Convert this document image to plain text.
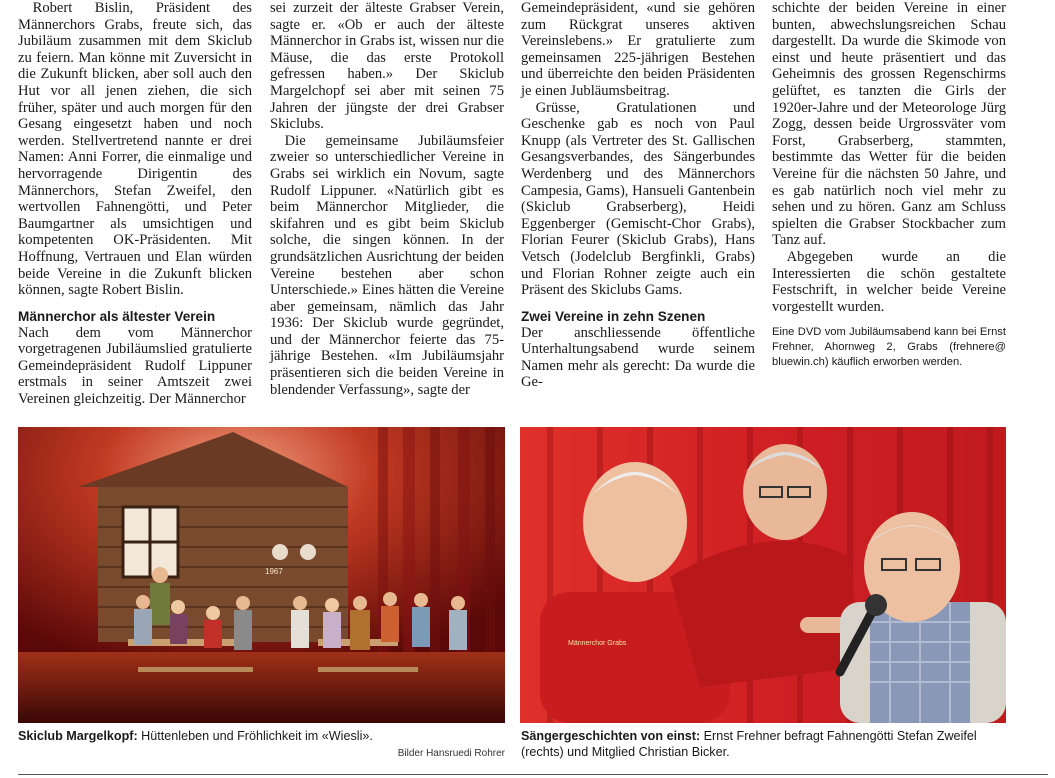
Robert Bislin, Präsident des Männerchors Grabs, freute sich, das Jubiläum zusammen mit dem Skiclub zu feiern. Man könne mit Zuversicht in die Zukunft blicken, aber soll auch den Hut vor all jenen ziehen, die sich früher, später und auch morgen für den Gesang eingesetzt haben und noch werden. Stellvertretend nannte er drei Namen: Anni Forrer, die einmalige und hervorragende Dirigentin des Männerchors, Stefan Zweifel, den wertvollen Fahnengötti, und Peter Baumgartner als umsichtigen und kompetenten OK-Präsidenten. Mit Hoffnung, Vertrauen und Elan würden beide Vereine in die Zukunft blicken können, sagte Robert Bislin.

Männerchor als ältester Verein

Nach dem vom Männerchor vorgetragenen Jubiläumslied gratulierte Gemeindepräsident Rudolf Lippuner erstmals in seiner Amtszeit zwei Vereinen gleichzeitig. Der Männerchor

sei zurzeit der älteste Grabser Verein, sagte er. «Ob er auch der älteste Männerchor in Grabs ist, wissen nur die Mäuse, die das erste Protokoll gefressen haben.» Der Skiclub Margelchopf sei aber mit seinen 75 Jahren der jüngste der drei Grabser Skiclubs.

Die gemeinsame Jubiläumsfeier zweier so unterschiedlicher Vereine in Grabs sei wirklich ein Novum, sagte Rudolf Lippuner. «Natürlich gibt es beim Männerchor Mitglieder, die skifahren und es gibt beim Skiclub solche, die singen können. In der grundsätzlichen Ausrichtung der beiden Vereine bestehen aber schon Unterschiede.» Eines hätten die Vereine aber gemeinsam, nämlich das Jahr 1936: Der Skiclub wurde gegründet, und der Männerchor feierte das 75-jährige Bestehen. «Im Jubiläumsjahr präsentieren sich die beiden Vereine in blendender Verfassung», sagte der

Gemeindepräsident, «und sie gehören zum Rückgrat unseres aktiven Vereinslebens.» Er gratulierte zum gemeinsamen 225-jährigen Bestehen und überreichte den beiden Präsidenten je einen Jubläumsbeitrag.

Grüsse, Gratulationen und Geschenke gab es noch von Paul Knupp (als Vertreter des St. Gallischen Gesangsverbandes, des Sängerbundes Werdenberg und des Männerchors Campesia, Gams), Hansueli Gantenbein (Skiclub Grabserberg), Heidi Eggenberger (Gemischt-Chor Grabs), Florian Feurer (Skiclub Grabs), Hans Vetsch (Jodelclub Bergfinkli, Grabs) und Florian Rohner zeigte auch ein Präsent des Skiclubs Gams.

Zwei Vereine in zehn Szenen

Der anschliessende öffentliche Unterhaltungsabend wurde seinem Namen mehr als gerecht: Da wurde die Ge-

schichte der beiden Vereine in einer bunten, abwechslungsreichen Schau dargestellt. Da wurde die Skimode von einst und heute präsentiert und das Geheimnis des grossen Regenschirms gelüftet, es tanzten die Girls der 1920er-Jahre und der Meteorologe Jürg Zogg, dessen beide Urgrossväter vom Forst, Grabserberg, stammten, bestimmte das Wetter für die beiden Vereine für die nächsten 50 Jahre, und es gab natürlich noch viel mehr zu sehen und zu hören. Ganz am Schluss spielten die Grabser Stockbacher zum Tanz auf.

Abgegeben wurde an die Interessierten die schön gestaltete Festschrift, in welcher beide Vereine vorgestellt wurden.

Eine DVD vom Jubiläumsabend kann bei Ernst Frehner, Ahornweg 2, Grabs (frehnere@ bluewin.ch) käuflich erworben werden.
1967
Männerchor Grabs
Skiclub Margelkopf: Hüttenleben und Fröhlichkeit im «Wiesli».
Bilder Hansruedi Rohrer
Sängergeschichten von einst: Ernst Frehner befragt Fahnengötti Stefan Zweifel (rechts) und Mitglied Christian Bicker.
